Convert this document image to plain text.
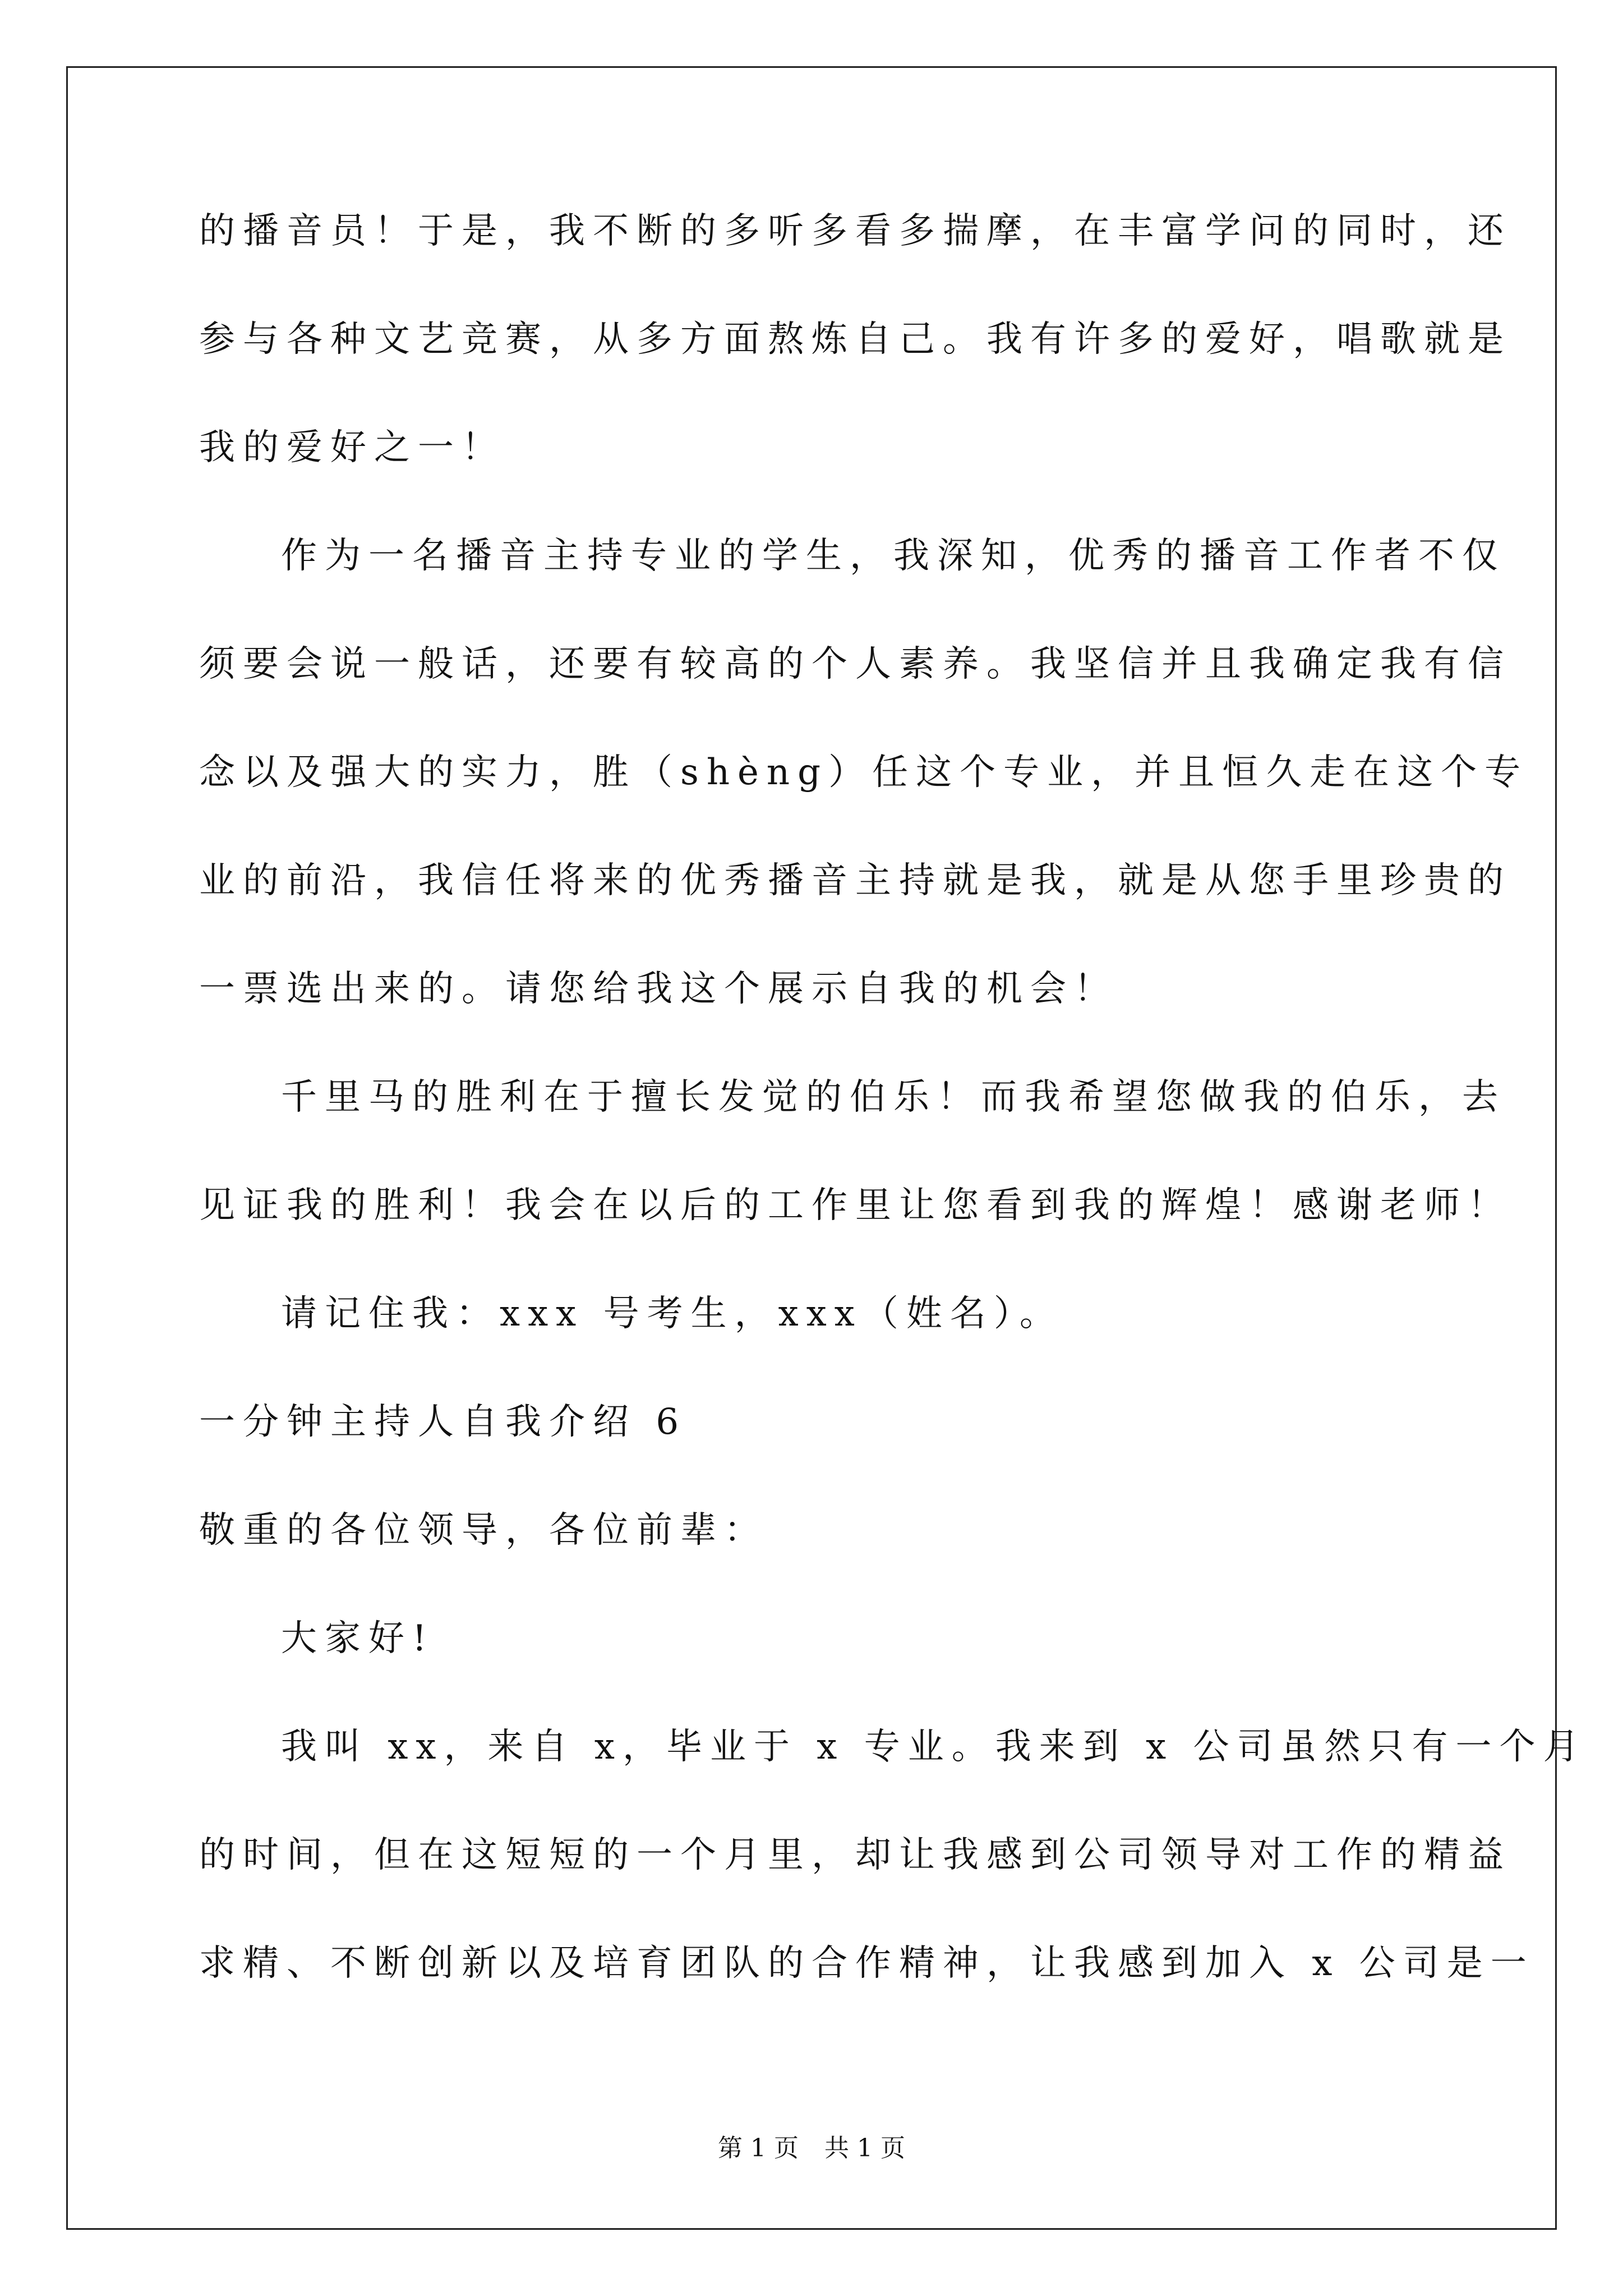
的播音员！于是，我不断的多听多看多揣摩，在丰富学问的同时，还
参与各种文艺竞赛，从多方面熬炼自己。我有许多的爱好，唱歌就是
我的爱好之一！
作为一名播音主持专业的学生，我深知，优秀的播音工作者不仅
须要会说一般话，还要有较高的个人素养。我坚信并且我确定我有信
念以及强大的实力，胜（shèng）任这个专业，并且恒久走在这个专
业的前沿，我信任将来的优秀播音主持就是我，就是从您手里珍贵的
一票选出来的。请您给我这个展示自我的机会！
千里马的胜利在于擅长发觉的伯乐！而我希望您做我的伯乐，去
见证我的胜利！我会在以后的工作里让您看到我的辉煌！感谢老师！
请记住我：xxx 号考生，xxx（姓名）。
一分钟主持人自我介绍 6
敬重的各位领导，各位前辈：
大家好!
我叫 xx，来自 x，毕业于 x 专业。我来到 x 公司虽然只有一个月
的时间，但在这短短的一个月里，却让我感到公司领导对工作的精益
求精、不断创新以及培育团队的合作精神，让我感到加入 x 公司是一
第 1 页 共 1 页
